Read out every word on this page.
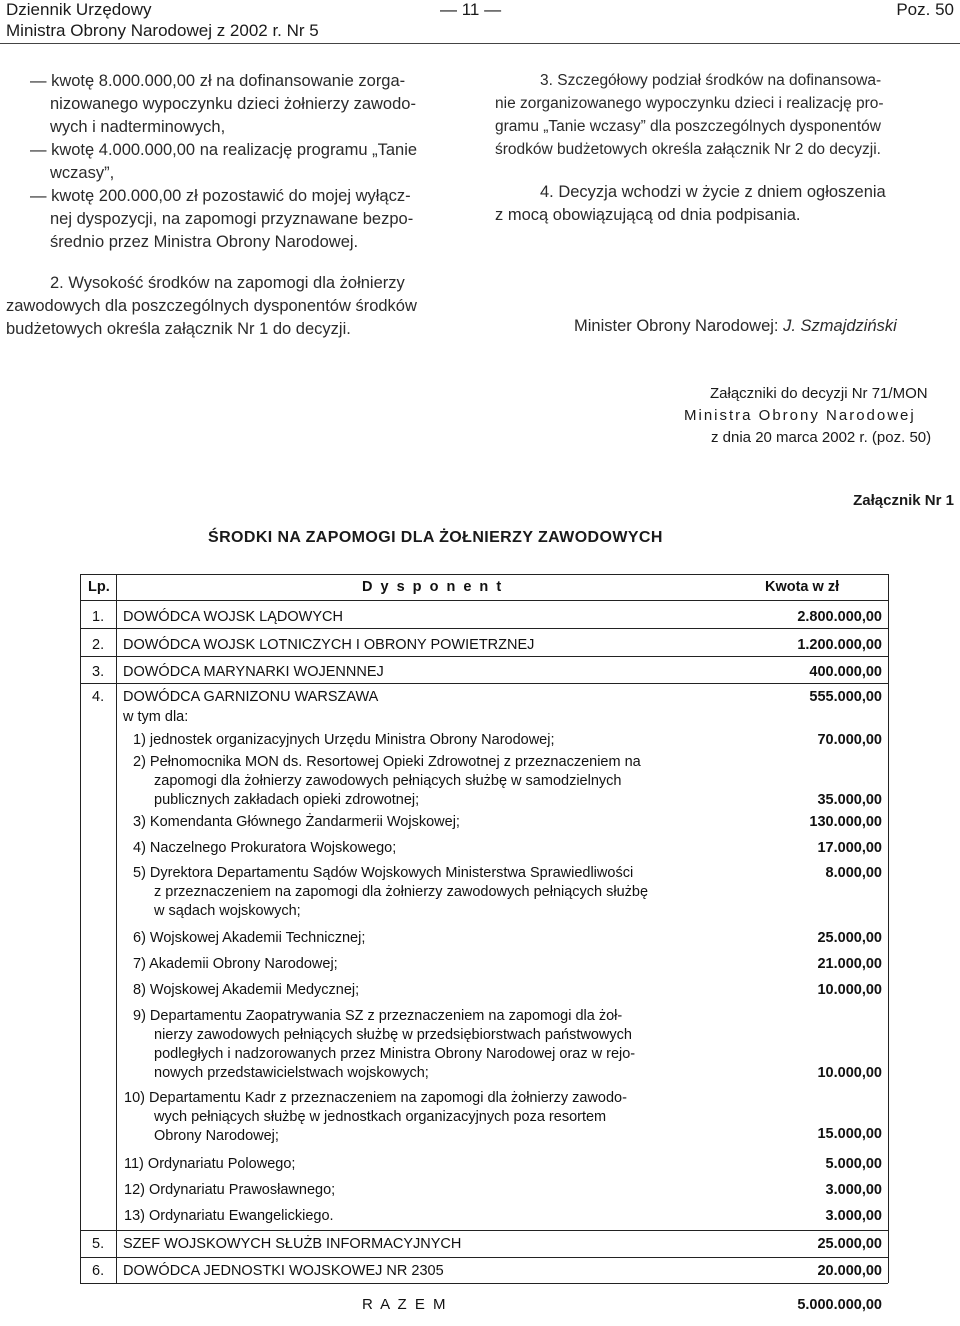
Dziennik Urzędowy
Ministra Obrony Narodowej z 2002 r. Nr 5
— 11 —	Poz. 50
— kwotę 8.000.000,00 zł na dofinansowanie zorga-
nizowanego wypoczynku dzieci żołnierzy zawodo-
wych i nadterminowych,
— kwotę 4.000.000,00 na realizację programu „Tanie
wczasy”,
— kwotę 200.000,00 zł pozostawić do mojej wyłącz-
nej dyspozycji, na zapomogi przyznawane bezpo-
średnio przez Ministra Obrony Narodowej.
2. Wysokość środków na zapomogi dla żołnierzy
zawodowych dla poszczególnych dysponentów środków
budżetowych określa załącznik Nr 1 do decyzji.
3. Szczegółowy podział środków na dofinansowa-
nie zorganizowanego wypoczynku dzieci i realizację pro-
gramu „Tanie wczasy” dla poszczególnych dysponentów
środków budżetowych określa załącznik Nr 2 do decyzji.
4. Decyzja wchodzi w życie z dniem ogłoszenia
z mocą obowiązującą od dnia podpisania.
Minister Obrony Narodowej: J. Szmajdziński
Załączniki do decyzji Nr 71/MON
Ministra Obrony Narodowej
z dnia 20 marca 2002 r. (poz. 50)
Załącznik Nr 1
ŚRODKI NA ZAPOMOGI DLA ŻOŁNIERZY ZAWODOWYCH
Lp.	D y s p o n e n t	Kwota w zł
1. DOWÓDCA WOJSK LĄDOWYCH	2.800.000,00
2. DOWÓDCA WOJSK LOTNICZYCH I OBRONY POWIETRZNEJ	1.200.000,00
3. DOWÓDCA MARYNARKI WOJENNNEJ	400.000,00
4. DOWÓDCA GARNIZONU WARSZAWA	555.000,00
w tym dla:
1) jednostek organizacyjnych Urzędu Ministra Obrony Narodowej;	70.000,00
2) Pełnomocnika MON ds. Resortowej Opieki Zdrowotnej z przeznaczeniem na
zapomogi dla żołnierzy zawodowych pełniących służbę w samodzielnych
publicznych zakładach opieki zdrowotnej;	35.000,00
3) Komendanta Głównego Żandarmerii Wojskowej;	130.000,00
4) Naczelnego Prokuratora Wojskowego;	17.000,00
5) Dyrektora Departamentu Sądów Wojskowych Ministerstwa Sprawiedliwości	8.000,00
z przeznaczeniem na zapomogi dla żołnierzy zawodowych pełniących służbę
w sądach wojskowych;
6) Wojskowej Akademii Technicznej;	25.000,00
7) Akademii Obrony Narodowej;	21.000,00
8) Wojskowej Akademii Medycznej;	10.000,00
9) Departamentu Zaopatrywania SZ z przeznaczeniem na zapomogi dla żoł-
nierzy zawodowych pełniących służbę w przedsiębiorstwach państwowych
podległych i nadzorowanych przez Ministra Obrony Narodowej oraz w rejo-
nowych przedstawicielstwach wojskowych;	10.000,00
10) Departamentu Kadr z przeznaczeniem na zapomogi dla żołnierzy zawodo-
wych pełniących służbę w jednostkach organizacyjnych poza resortem
Obrony Narodowej;	15.000,00
11) Ordynariatu Polowego;	5.000,00
12) Ordynariatu Prawosławnego;	3.000,00
13) Ordynariatu Ewangelickiego.	3.000,00
5. SZEF WOJSKOWYCH SŁUŻB INFORMACYJNYCH	25.000,00
6. DOWÓDCA JEDNOSTKI WOJSKOWEJ NR 2305	20.000,00
R A Z E M	5.000.000,00
